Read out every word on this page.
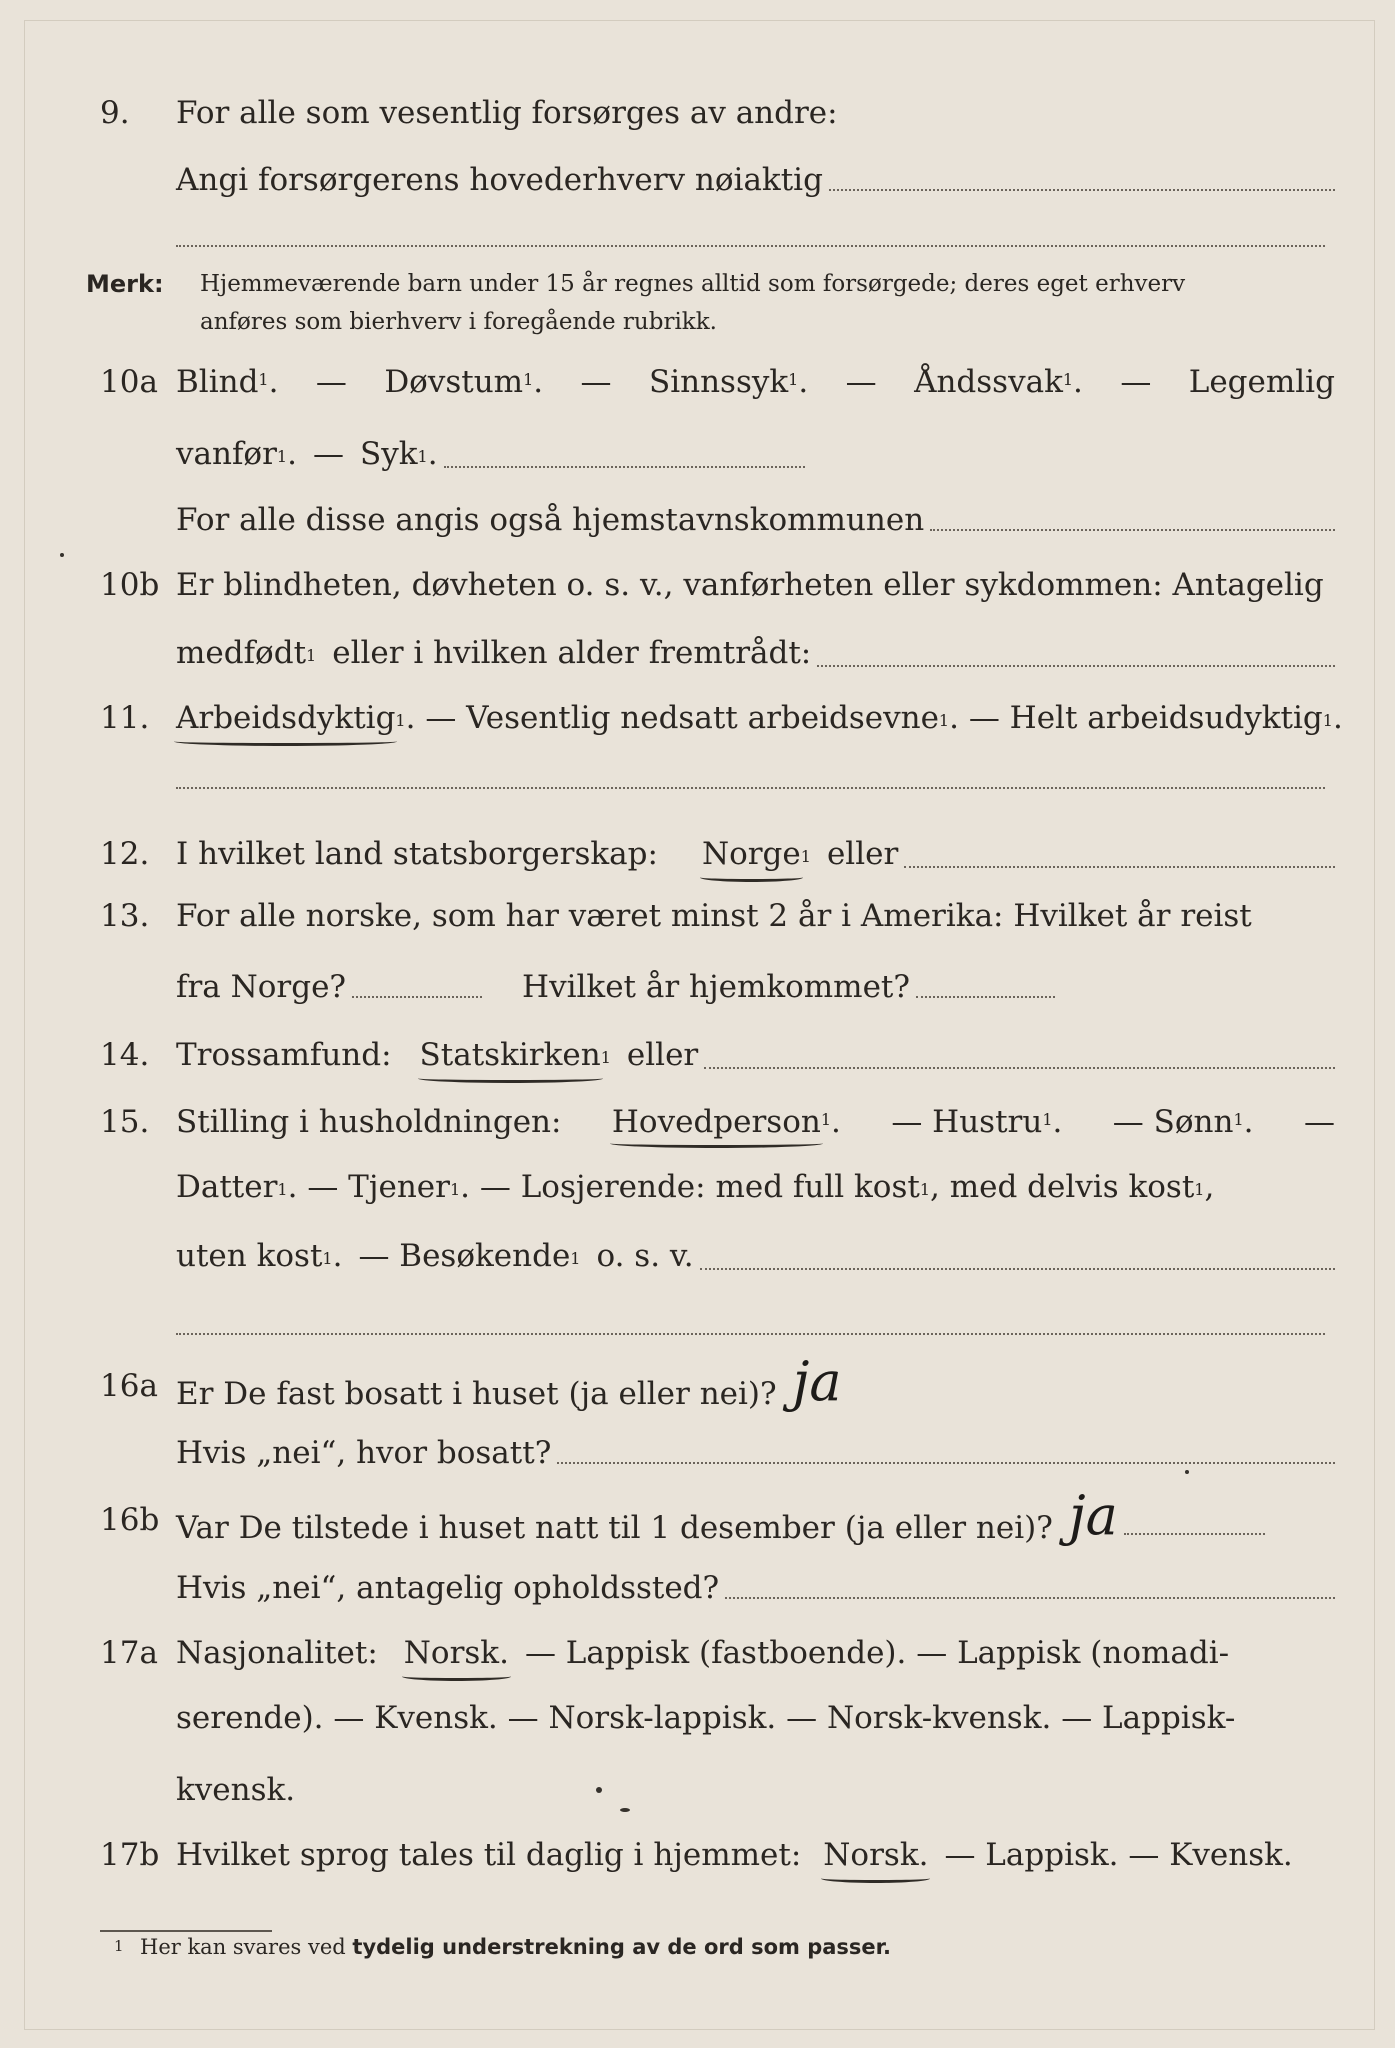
9. For alle som vesentlig forsørges av andre:
Angi forsørgerens hovederhverv nøiaktig
Merk: Hjemmeværende barn under 15 år regnes alltid som forsørgede; deres eget erhverv
anføres som bierhverv i foregående rubrikk.
10a Blind$^1$. — Døvstum$^1$. — Sinnssyk$^1$. — Åndssvak$^1$. — Legemlig
vanfør$^1$ . — Syk$^1$ .
For alle disse angis også hjemstavnskommunen
10b Er blindheten, døvheten o. s. v., vanførheten eller sykdommen: Antagelig
medfødt$^1$ eller i hvilken alder fremtrådt:
11. Arbeidsdyktig$^1$ . — Vesentlig nedsatt arbeidsevne$^1$ . — Helt arbeidsudyktig$^1$ .
12. I hvilket land statsborgerskap: Norge$^1$ eller
13. For alle norske, som har været minst 2 år i Amerika: Hvilket år reist
fra Norge?	Hvilket år hjemkommet?
14. Trossamfund: Statskirken$^1$ eller
15. Stilling i husholdningen: Hovedperson$^1$. — Hustru$^1$. — Sønn$^1$. —
Datter$^1$ . — Tjener$^1$ . — Losjerende: med full kost$^1$ , med delvis kost$^1$ ,
uten kost$^1$ . — Besøkende$^1$ o. s. v.
16a Er De fast bosatt i huset (ja eller nei)? ja
Hvis „nei“, hvor bosatt?
16b Var De tilstede i huset natt til 1 desember (ja eller nei)? ja
Hvis „nei“, antagelig opholdssted?
17a Nasjonalitet: Norsk. — Lappisk (fastboende). — Lappisk (nomadi-
serende). — Kvensk. — Norsk-lappisk. — Norsk-kvensk. — Lappisk-
kvensk.
17b Hvilket sprog tales til daglig i hjemmet: Norsk. — Lappisk. — Kvensk.
1 Her kan svares ved tydelig understrekning av de ord som passer.
